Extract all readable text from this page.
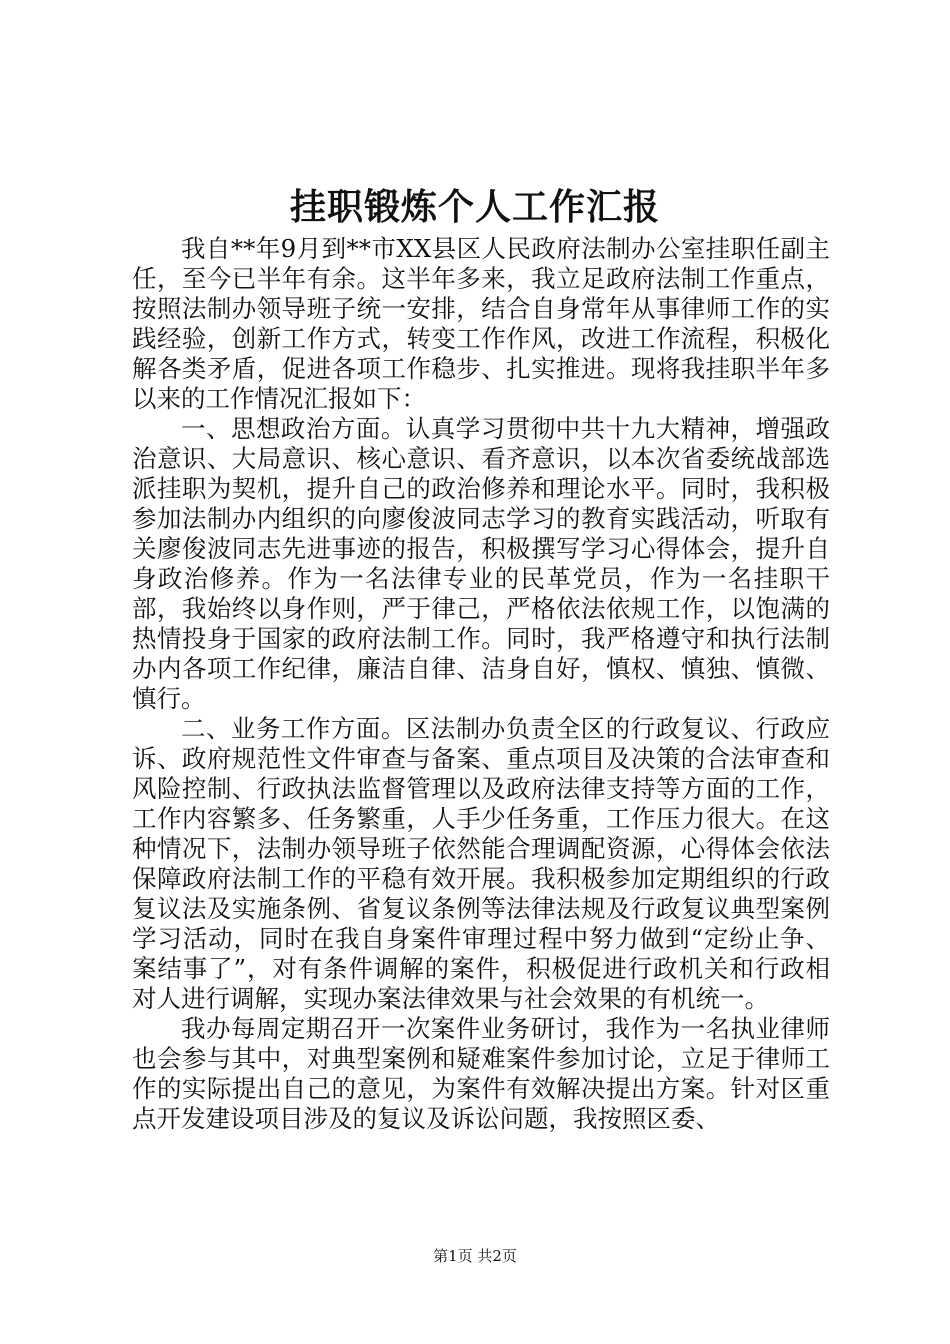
挂职锻炼个人工作汇报

我自**年9月到**市XX县区人民政府法制办公室挂职任副主任，至今已半年有余。这半年多来，我立足政府法制工作重点，按照法制办领导班子统一安排，结合自身常年从事律师工作的实践经验，创新工作方式，转变工作作风，改进工作流程，积极化解各类矛盾，促进各项工作稳步、扎实推进。现将我挂职半年多以来的工作情况汇报如下：

一、思想政治方面。认真学习贯彻中共十九大精神，增强政治意识、大局意识、核心意识、看齐意识，以本次省委统战部选派挂职为契机，提升自己的政治修养和理论水平。同时，我积极参加法制办内组织的向廖俊波同志学习的教育实践活动，听取有关廖俊波同志先进事迹的报告，积极撰写学习心得体会，提升自身政治修养。作为一名法律专业的民革党员，作为一名挂职干部，我始终以身作则，严于律己，严格依法依规工作，以饱满的热情投身于国家的政府法制工作。同时，我严格遵守和执行法制办内各项工作纪律，廉洁自律、洁身自好，慎权、慎独、慎微、慎行。

二、业务工作方面。区法制办负责全区的行政复议、行政应诉、政府规范性文件审查与备案、重点项目及决策的合法审查和风险控制、行政执法监督管理以及政府法律支持等方面的工作，工作内容繁多、任务繁重，人手少任务重，工作压力很大。在这种情况下，法制办领导班子依然能合理调配资源，心得体会依法保障政府法制工作的平稳有效开展。我积极参加定期组织的行政复议法及实施条例、省复议条例等法律法规及行政复议典型案例学习活动，同时在我自身案件审理过程中努力做到“定纷止争、案结事了”，对有条件调解的案件，积极促进行政机关和行政相对人进行调解，实现办案法律效果与社会效果的有机统一。

我办每周定期召开一次案件业务研讨，我作为一名执业律师也会参与其中，对典型案例和疑难案件参加讨论，立足于律师工作的实际提出自己的意见，为案件有效解决提出方案。针对区重点开发建设项目涉及的复议及诉讼问题，我按照区委、

第1页 共2页
